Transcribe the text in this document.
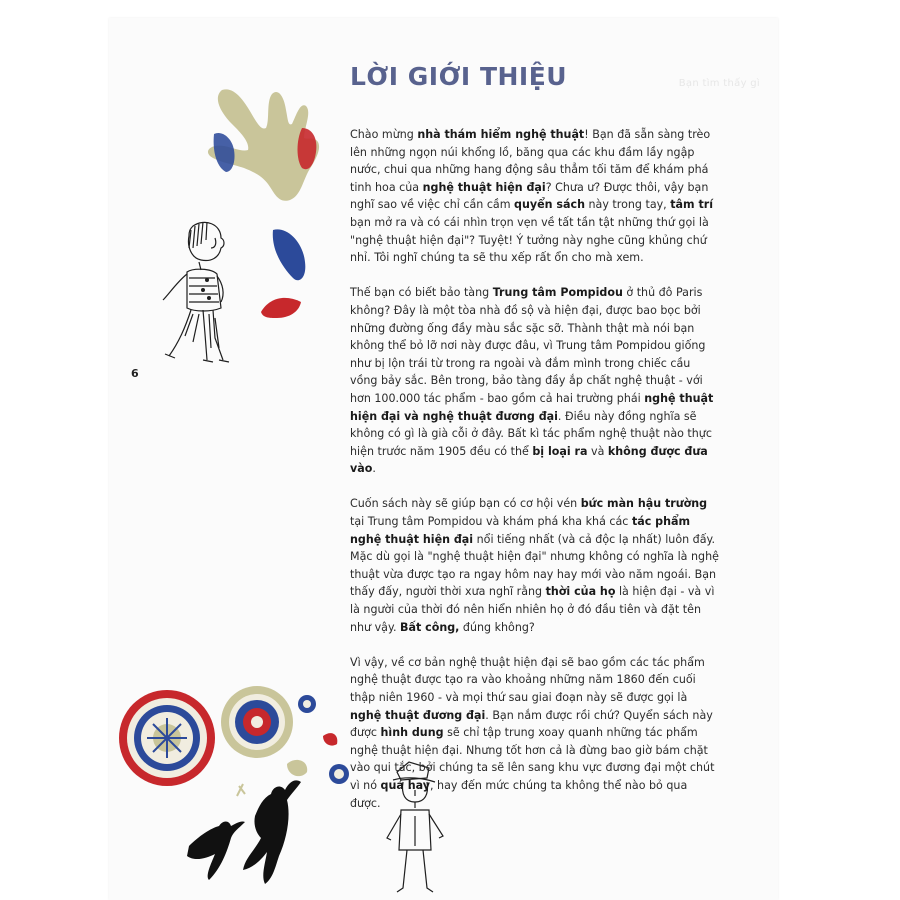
Bạn tìm thấy gì
LỜI GIỚI THIỆU
6

Chào mừng nhà thám hiểm nghệ thuật! Bạn đã sẵn sàng trèo lên những ngọn núi khổng lồ, băng qua các khu đầm lầy ngập nước, chui qua những hang động sâu thẳm tối tăm để khám phá tinh hoa của nghệ thuật hiện đại? Chưa ư? Được thôi, vậy bạn nghĩ sao về việc chỉ cần cầm quyển sách này trong tay, tâm trí bạn mở ra và có cái nhìn trọn vẹn về tất tần tật những thứ gọi là "nghệ thuật hiện đại"? Tuyệt! Ý tưởng này nghe cũng khủng chứ nhỉ. Tôi nghĩ chúng ta sẽ thu xếp rất ổn cho mà xem.

Thế bạn có biết bảo tàng Trung tâm Pompidou ở thủ đô Paris không? Đây là một tòa nhà đồ sộ và hiện đại, được bao bọc bởi những đường ống đầy màu sắc sặc sỡ. Thành thật mà nói bạn không thể bỏ lỡ nơi này được đâu, vì Trung tâm Pompidou giống như bị lộn trái từ trong ra ngoài và đắm mình trong chiếc cầu vồng bảy sắc. Bên trong, bảo tàng đầy ắp chất nghệ thuật - với hơn 100.000 tác phẩm - bao gồm cả hai trường phái nghệ thuật hiện đại và nghệ thuật đương đại. Điều này đồng nghĩa sẽ không có gì là già cỗi ở đây. Bất kì tác phẩm nghệ thuật nào thực hiện trước năm 1905 đều có thể bị loại ra và không được đưa vào.

Cuốn sách này sẽ giúp bạn có cơ hội vén bức màn hậu trường tại Trung tâm Pompidou và khám phá kha khá các tác phẩm nghệ thuật hiện đại nổi tiếng nhất (và cả độc lạ nhất) luôn đấy. Mặc dù gọi là "nghệ thuật hiện đại" nhưng không có nghĩa là nghệ thuật vừa được tạo ra ngay hôm nay hay mới vào năm ngoái. Bạn thấy đấy, người thời xưa nghĩ rằng thời của họ là hiện đại - và vì là người của thời đó nên hiển nhiên họ ở đó đầu tiên và đặt tên như vậy. Bất công, đúng không?

Vì vậy, về cơ bản nghệ thuật hiện đại sẽ bao gồm các tác phẩm nghệ thuật được tạo ra vào khoảng những năm 1860 đến cuối thập niên 1960 - và mọi thứ sau giai đoạn này sẽ được gọi là nghệ thuật đương đại. Bạn nắm được rồi chứ? Quyển sách này được hình dung sẽ chỉ tập trung xoay quanh những tác phẩm nghệ thuật hiện đại. Nhưng tốt hơn cả là đừng bao giờ bám chặt vào qui tắc, bởi chúng ta sẽ lên sang khu vực đương đại một chút vì nó quá hay, hay đến mức chúng ta không thể nào bỏ qua được.
